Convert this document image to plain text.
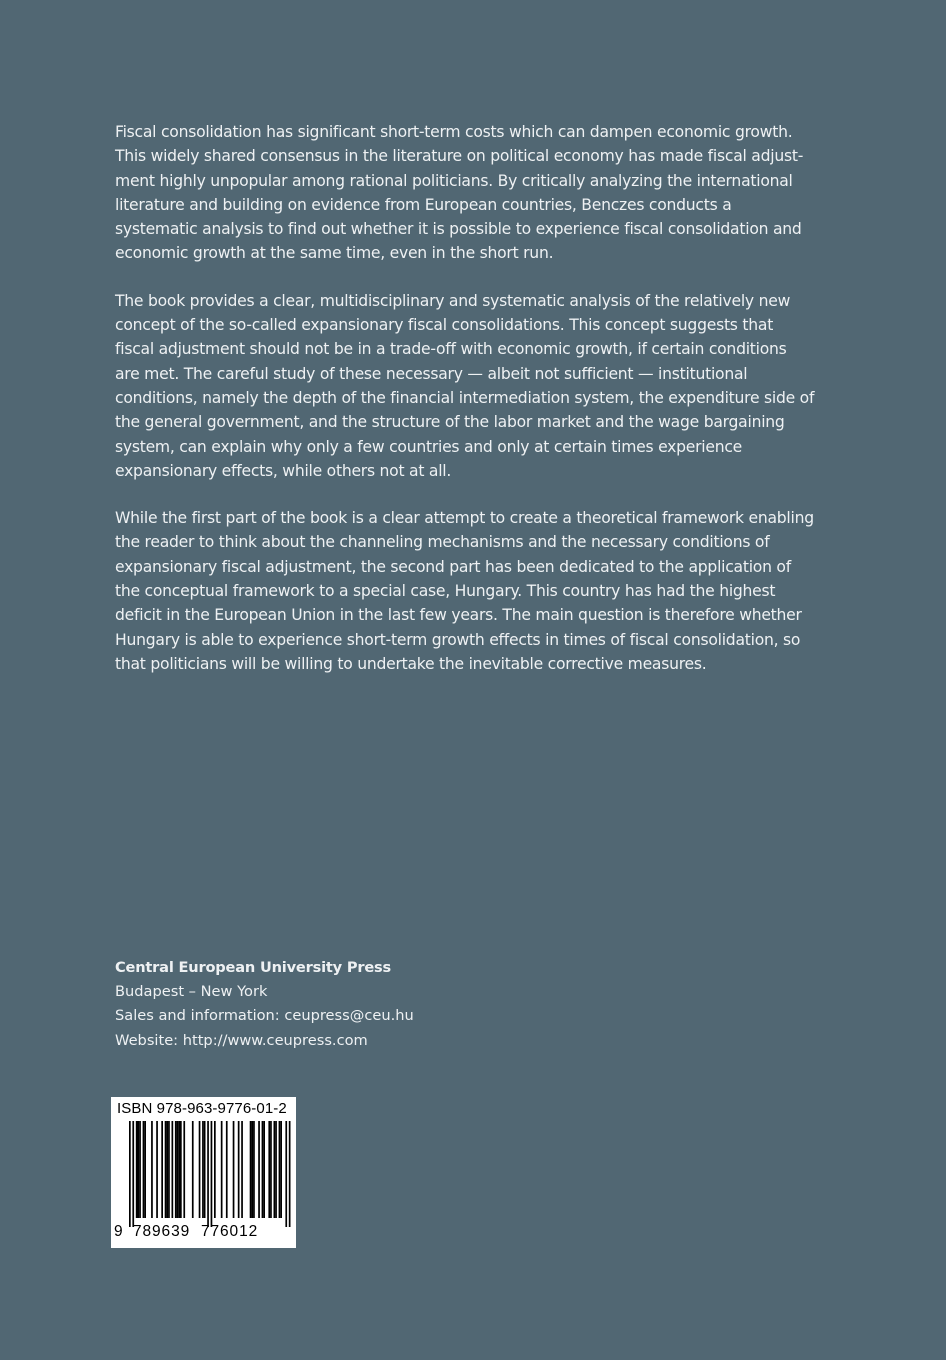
Fiscal consolidation has significant short-term costs which can dampen economic growth. This widely shared consensus in the literature on political economy has made fiscal adjust- ment highly unpopular among rational politicians. By critically analyzing the international literature and building on evidence from European countries, Benczes conducts a systematic analysis to find out whether it is possible to experience fiscal consolidation and economic growth at the same time, even in the short run.

The book provides a clear, multidisciplinary and systematic analysis of the relatively new concept of the so-called expansionary fiscal consolidations. This concept suggests that fiscal adjustment should not be in a trade-off with economic growth, if certain conditions are met. The careful study of these necessary — albeit not sufficient — institutional conditions, namely the depth of the financial intermediation system, the expenditure side of the general government, and the structure of the labor market and the wage bargaining system, can explain why only a few countries and only at certain times experience expansionary effects, while others not at all.

While the first part of the book is a clear attempt to create a theoretical framework enabling the reader to think about the channeling mechanisms and the necessary conditions of expansionary fiscal adjustment, the second part has been dedicated to the application of the conceptual framework to a special case, Hungary. This country has had the highest deficit in the European Union in the last few years. The main question is therefore whether Hungary is able to experience short-term growth effects in times of fiscal consolidation, so that politicians will be willing to undertake the inevitable corrective measures.

Central European University Press
Budapest – New York
Sales and information: ceupress@ceu.hu
Website: http://www.ceupress.com
ISBN 978-963-9776-01-2
9 789639 776012
